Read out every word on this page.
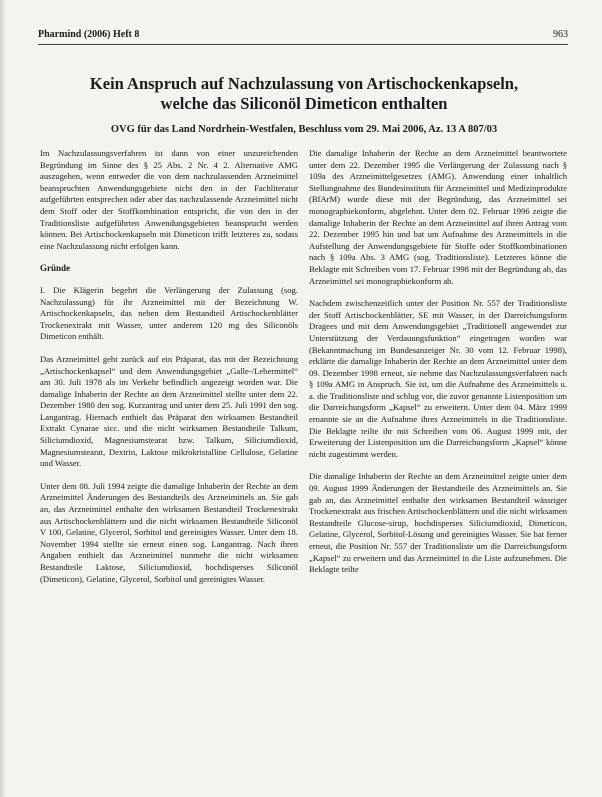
Pharmind (2006) Heft 8	963
Kein Anspruch auf Nachzulassung von Artischockenkapseln,
welche das Siliconöl Dimeticon enthalten
OVG für das Land Nordrhein-Westfalen, Beschluss vom 29. Mai 2006, Az. 13 A 807/03

Im Nachzulassungsverfahren ist dann von einer unzureichenden Begründung im Sinne des § 25 Abs. 2 Nr. 4 2. Alternative AMG auszugehen, wenn entweder die von dem nachzulassenden Arzneimittel beanspruchten Anwendungsgebiete nicht den in der Fachliteratur aufgeführten entsprechen oder aber das nachzulassende Arzneimittel nicht dem Stoff oder der Stoffkombination entspricht, die von den in der Traditionsliste aufgeführten Anwendungsgebieten beansprucht werden können. Bei Artischockenkapseln mit Dimeticon trifft letzteres zu, sodass eine Nachzulassung nicht erfolgen kann.

Gründe

I. Die Klägerin begehrt die Verlängerung der Zulassung (sog. Nachzulassung) für ihr Arzneimittel mit der Bezeichnung W. Artischockenkapseln, das neben dem Bestandteil Artischockenblätter Trockenextrakt mit Wasser, unter anderem 120 mg des Siliconöls Dimeticon enthält.

Das Arzneimittel geht zurück auf ein Präparat, das mit der Bezeichnung „Artischockenkapsel“ und dem Anwendungsgebiet „Galle-/Lebermittel“ am 30. Juli 1978 als im Verkehr befindlich angezeigt worden war. Die damalige Inhaberin der Rechte an dem Arzneimittel stellte unter dem 22. Dezember 1980 den sog. Kurzantrag und unter dem 25. Juli 1991 den sog. Langantrag. Hiernach enthielt das Präparat den wirksamen Bestandteil Extrakt Cynarae sicc. und die nicht wirksamen Bestandteile Talkum, Siliciumdioxid, Magnesiumstearat bzw. Talkum, Siliciumdioxid, Magnesiumstearat, Dextrin, Laktose mikrokristalline Cellulose, Gelatine und Wasser.

Unter dem 08. Juli 1994 zeigte die damalige Inhaberin der Rechte an dem Arzneimittel Änderungen des Bestandteils des Arzneimittels an. Sie gab an, das Arzneimittel enthalte den wirksamen Bestandteil Trockenextrakt aus Artischockenblättern und die nicht wirksamen Bestandteile Siliconöl V 100, Gelatine, Glycerol, Sorbitol und gereinigtes Wasser. Unter dem 18. November 1994 stellte sie erneut einen sog. Langantrag. Nach ihren Angaben enthielt das Arzneimittel nunmehr die nicht wirksamen Bestandteile Laktose, Siliciumdioxid, hochdisperses Siliconöl (Dimeticon), Gelatine, Glycerol, Sorbitol und gereinigtes Wasser.

Die damalige Inhaberin der Rechte an dem Arzneimittel beantwortete unter dem 22. Dezember 1995 die Verlängerung der Zulassung nach § 109a des Arzneimittelgesetzes (AMG). Anwendung einer inhaltlich Stellungnahme des Bundesinstituts für Arzneimittel und Medizinprodukte (BfArM) wurde diese mit der Begründung, das Arzneimittel sei monographiekonform, abgelehnt. Unter dem 02. Februar 1996 zeigte die damalige Inhaberin der Rechte an dem Arzneimittel auf ihren Antrag vom 22. Dezember 1995 hin und bat um Aufnahme des Arzneimittels in die Aufstellung der Anwendungsgebiete für Stoffe oder Stoffkombinationen nach § 109a Abs. 3 AMG (sog. Traditionsliste). Letzteres könne die Beklagte mit Schreiben vom 17. Februar 1998 mit der Begründung ab, das Arzneimittel sei monographiekonform ab.

Nachdem zwischenzeitlich unter der Position Nr. 557 der Traditionsliste der Stoff Artischockenblätter, SE mit Wasser, in der Darreichungsform Dragees und mit dem Anwendungsgebiet „Traditionell angewendet zur Unterstützung der Verdauungsfunktion“ eingetragen worden war (Bekanntmachung im Bundesanzeiger Nr. 30 vom 12. Februar 1998), erklärte die damalige Inhaberin der Rechte an dem Arzneimittel unter dem 09. Dezember 1998 erneut, sie nehme das Nachzulassungsverfahren nach § 109a AMG in Anspruch. Sie ist, um die Aufnahme des Arzneimittels u. a. die Traditionsliste und schlug vor, die zuvor genannte Listenposition um die Darreichungsform „Kapsel“ zu erweitern. Unter dem 04. März 1999 ernannte sie an die Aufnahme ihres Arzneimittels in die Traditionsliste. Die Beklagte teilte ihr mit Schreiben vom 06. August 1999 mit, der Erweiterung der Listenposition um die Darreichungsform „Kapsel“ könne nicht zugestimmt werden.

Die damalige Inhaberin der Rechte an dem Arzneimittel zeigte unter dem 09. August 1999 Änderungen der Bestandteile des Arzneimittels an. Sie gab an, das Arzneimittel enthalte den wirksamen Bestandteil wässriger Trockenextrakt aus frischen Artischockenblättern und die nicht wirksamen Bestandteile Glucose-sirup, hochdisperses Siliciumdioxid, Dimeticon, Gelatine, Glycerol, Sorbitol-Lösung und gereinigtes Wasser. Sie bat ferner erneut, die Position Nr. 557 der Traditionsliste um die Darreichungsform „Kapsel“ zu erweitern und das Arzneimittel in die Liste aufzunehmen. Die Beklagte teilte
